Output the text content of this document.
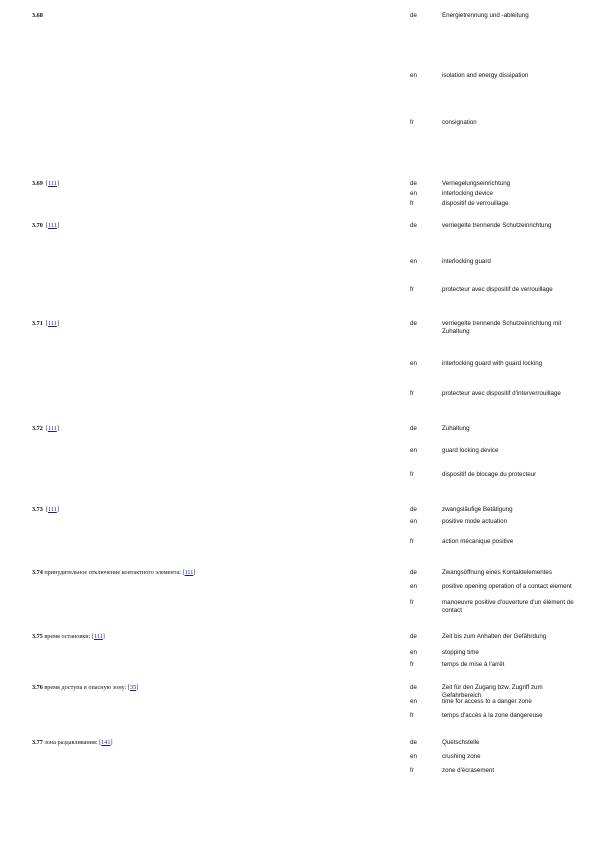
3.68	de	Energietrennung und -ableitung
en	isolation and energy dissipation
fr	consignation
3.69  [111]	de	Verriegelungseinrichtung
en	interlocking device
fr	dispositif de verrouillage
3.70  [111]	de	verriegelte trennende Schutzeinrichtung
en	interlocking guard
fr	protecteur avec dispositif de verrouillage
3.71  [111]	de	verriegelte trennende Schutzeinrichtung mit Zuhaltung
en	interlocking guard with guard locking
fr	protecteur avec dispositif d'interverrouillage
3.72  [111]	de	Zuhaltung
en	guard locking device
fr	dispositif de blocage du protecteur
3.73  [111]	de	zwangsläufige Betätigung
en	positive mode actuation
fr	action mécanique positive
3.74 принудительное отключение контактного элемента: [111]	de	Zwangsöffnung eines Kontaktelementes
en	positive opening operation of a contact element
fr	manoeuvre positive d'ouverture d'un élément de contact
3.75 время остановки: [111]	de	Zeit bis zum Anhalten der Gefährdung
en	stopping time
fr	temps de mise à l'arrêt
3.76 время доступа в опасную зону: [35]	de	Zeit für den Zugang bzw. Zugriff zum Gefahrbereich
en	time for access to a danger zone
fr	temps d'accès à la zone dangereuse
3.77 зона раздавливания: [141]	de	Quetschstelle
en	crushing zone
fr	zone d'écrasement
